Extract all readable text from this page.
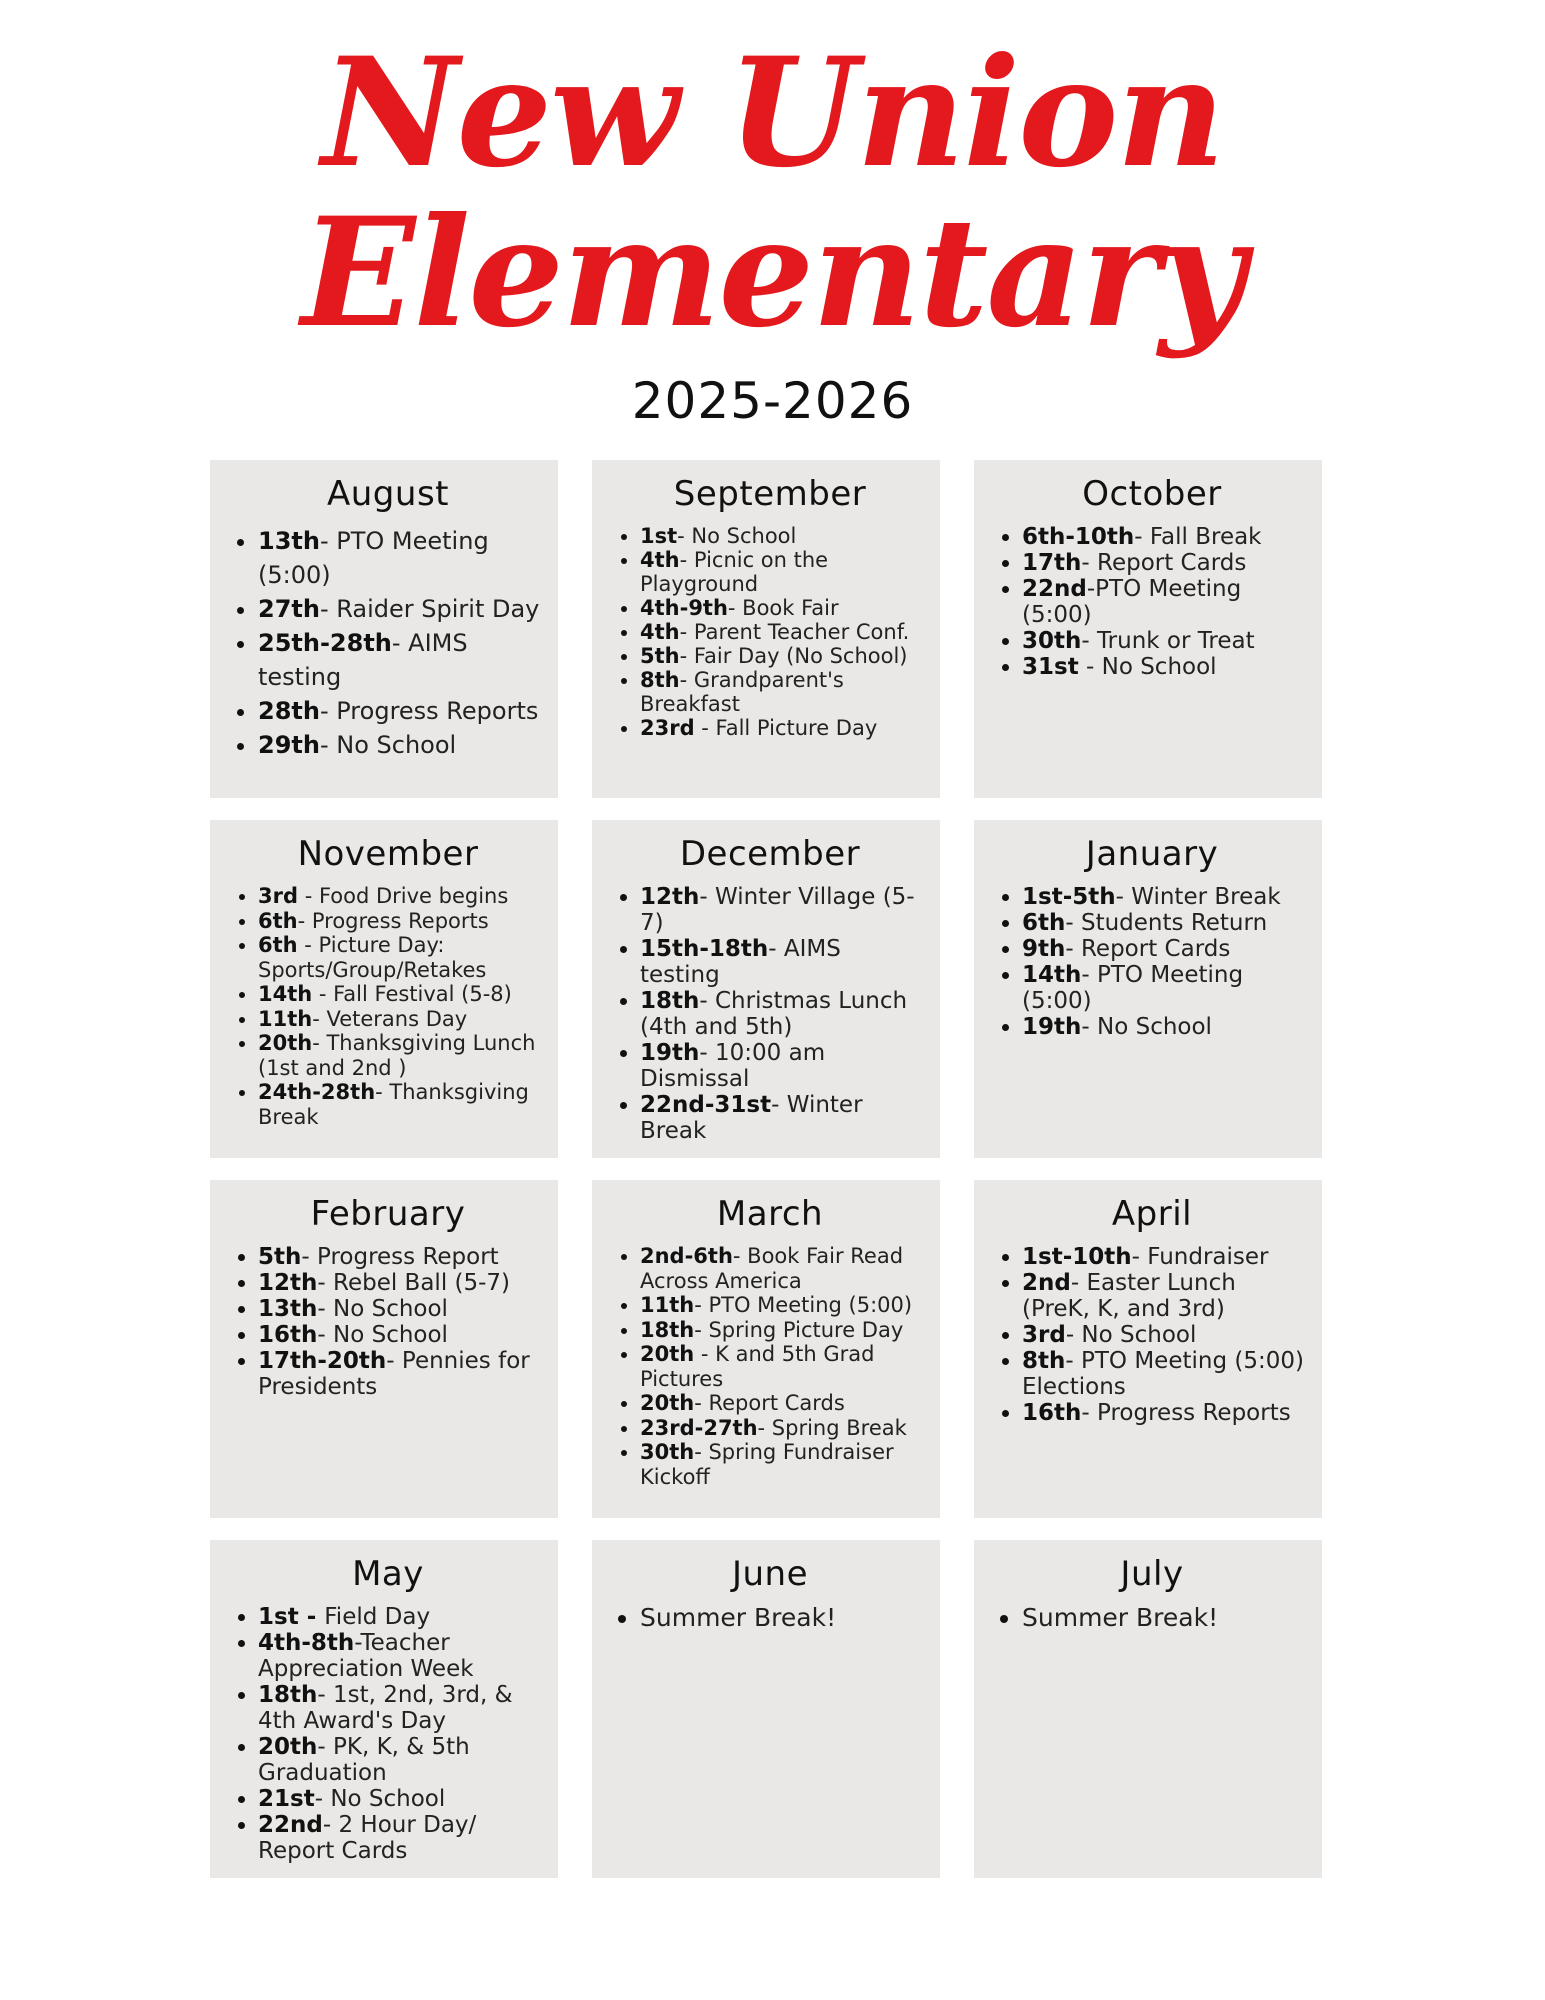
New Union
Elementary
2025-2026
August
• 13th- PTO Meeting (5:00)
• 27th- Raider Spirit Day
• 25th-28th- AIMS testing
• 28th- Progress Reports
• 29th- No School
September
• 1st- No School
• 4th- Picnic on the Playground
• 4th-9th- Book Fair
• 4th- Parent Teacher Conf.
• 5th- Fair Day (No School)
• 8th- Grandparent's Breakfast
• 23rd - Fall Picture Day
October
• 6th-10th- Fall Break
• 17th- Report Cards
• 22nd-PTO Meeting (5:00)
• 30th- Trunk or Treat
• 31st - No School
November
• 3rd - Food Drive begins
• 6th- Progress Reports
• 6th - Picture Day: Sports/Group/Retakes
• 14th - Fall Festival (5-8)
• 11th- Veterans Day
• 20th- Thanksgiving Lunch (1st and 2nd )
• 24th-28th- Thanksgiving Break
December
• 12th- Winter Village (5-7)
• 15th-18th- AIMS testing
• 18th- Christmas Lunch (4th and 5th)
• 19th- 10:00 am Dismissal
• 22nd-31st- Winter Break
January
• 1st-5th- Winter Break
• 6th- Students Return
• 9th- Report Cards
• 14th- PTO Meeting (5:00)
• 19th- No School
February
• 5th- Progress Report
• 12th- Rebel Ball (5-7)
• 13th- No School
• 16th- No School
• 17th-20th- Pennies for Presidents
March
• 2nd-6th- Book Fair Read Across America
• 11th- PTO Meeting (5:00)
• 18th- Spring Picture Day
• 20th - K and 5th Grad Pictures
• 20th- Report Cards
• 23rd-27th- Spring Break
• 30th- Spring Fundraiser Kickoff
April
• 1st-10th- Fundraiser
• 2nd- Easter Lunch (PreK, K, and 3rd)
• 3rd- No School
• 8th- PTO Meeting (5:00) Elections
• 16th- Progress Reports
May
• 1st - Field Day
• 4th-8th-Teacher Appreciation Week
• 18th- 1st, 2nd, 3rd, & 4th Award's Day
• 20th- PK, K, & 5th Graduation
• 21st- No School
• 22nd- 2 Hour Day/ Report Cards
June
• Summer Break!
July
• Summer Break!
